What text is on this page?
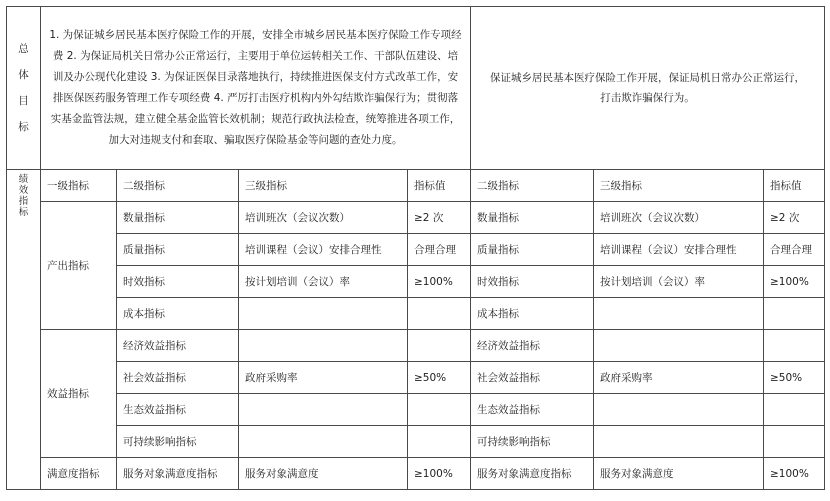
总体目标	1. 为保证城乡居民基本医疗保险工作的开展，安排全市城乡居民基本医疗保险工作专项经费 2. 为保证局机关日常办公正常运行，主要用于单位运转相关工作、干部队伍建设、培训及办公现代化建设 3. 为保证医保目录落地执行，持续推进医保支付方式改革工作，安排医保医药服务管理工作专项经费 4. 严厉打击医疗机构内外勾结欺诈骗保行为；贯彻落实基金监管法规，建立健全基金监管长效机制；规范行政执法检查，统筹推进各项工作，加大对违规支付和套取、骗取医疗保险基金等问题的查处力度。				保证城乡居民基本医疗保险工作开展，保证局机日常办公正常运行，打击欺诈骗保行为。		
绩效指标	一级指标	二级指标	三级指标	指标值	二级指标	三级指标	指标值
	产出指标	数量指标	培训班次（会议次数）	≥2 次	数量指标	培训班次（会议次数）	≥2 次
		质量指标	培训课程（会议）安排合理性	合理合理	质量指标	培训课程（会议）安排合理性	合理合理
		时效指标	按计划培训（会议）率	≥100%	时效指标	按计划培训（会议）率	≥100%
		成本指标			成本指标		
	效益指标	经济效益指标			经济效益指标		
		社会效益指标	政府采购率	≥50%	社会效益指标	政府采购率	≥50%
		生态效益指标			生态效益指标		
		可持续影响指标			可持续影响指标		
	满意度指标	服务对象满意度指标	服务对象满意度	≥100%	服务对象满意度指标	服务对象满意度	≥100%
